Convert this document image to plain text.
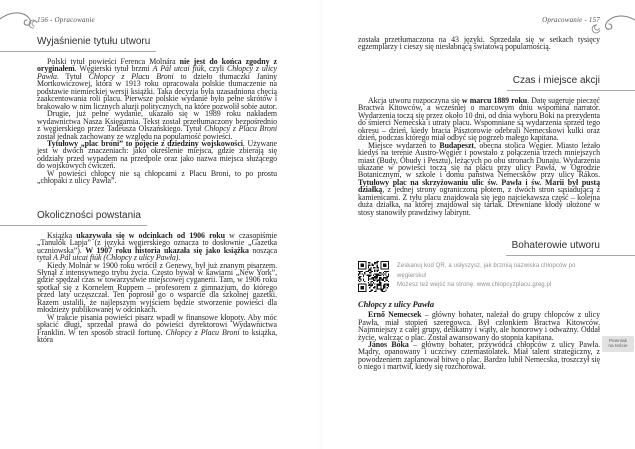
156 - Opracowanie	Opracowanie - 157
Wyjaśnienie tytułu utworu

Polski tytuł powieści Ferenca Molnára nie jest do końca zgodny z oryginałem. Węgierski tytuł brzmi A Pál utcai fiúk, czyli Chłopcy z ulicy Pawła. Tytuł Chłopcy z Placu Broni to dzieło tłumaczki Janiny Mortkowiczowej, która w 1913 roku opracowała polskie tłumaczenie na podstawie niemieckiej wersji książki. Taka decyzja była uzasadniona chęcią zaakcentowania roli placu. Pierwsze polskie wydanie było pełne skrótów i brakowało w nim licznych aluzji politycznych, na które pozwolił sobie autor.

Drugie, już pełne wydanie, ukazało się w 1989 roku nakładem wydawnictwa Nasza Księgarnia. Tekst został przetłumaczony bezpośrednio z węgierskiego przez Tadeusza Olszańskiego. Tytuł Chłopcy z Placu Broni został jednak zachowany ze względu na popularność powieści.

Tytułowy „plac broni” to pojęcie z dziedziny wojskowości. Używane jest w dwóch znaczeniach: jako określenie miejsca, gdzie zbierają się oddziały przed wypadem na przedpole oraz jako nazwa miejsca służącego do wojskowych ćwiczeń.

W powieści chłopcy nie są chłopcami z Placu Broni, to po prostu „chłopaki z ulicy Pawła”.

Okoliczności powstania

Książka ukazywała się w odcinkach od 1906 roku w czasopiśmie „Tanulók Lapja” (z języka węgierskiego oznacza to dosłownie „Gazetka uczniowska”). W 1907 roku historia ukazała się jako książka nosząca tytuł A Pál utcai fiúk (Chłopcy z ulicy Pawła).

Kiedy Molnár w 1900 roku wrócił z Genewy, był już znanym pisarzem. Słynął z intensywnego trybu życia. Często bywał w kawiarni „New York”, gdzie spędzał czas w towarzystwie miejscowej cyganerii. Tam, w 1906 roku spotkał się z Kornelem Ruppem – profesorem z gimnazjum, do którego przed laty uczęszczał. Ten poprosił go o wsparcie dla szkolnej gazetki. Razem ustalili, że najlepszym wyjściem będzie stworzenie powieści dla młodzieży publikowanej w odcinkach.

W trakcie pisania powieści pisarz wpadł w finansowe kłopoty. Aby móc spłacić długi, sprzedał prawa do powieści dyrektorowi Wydawnictwa Franklin. W ten sposób stracił fortunę. Chłopcy z Placu Broni to książka, która

została przetłumaczona na 43 języki. Sprzedała się w setkach tysięcy egzemplarzy i cieszy się niesłabnącą światową popularnością.

Czas i miejsce akcji

Akcja utworu rozpoczyna się w marcu 1889 roku. Datę sugeruje pieczęć Bractwa Kitowców, a wcześniej o marcowym dniu wspomina narrator. Wydarzenia toczą się przez około 10 dni, od dnia wyboru Boki na prezydenta do śmierci Nemecska i utraty placu. Wspomniane są wydarzenia sprzed tego okresu – dzień, kiedy bracia Pásztorowie odebrali Nemecskowi kulki oraz dzień, podczas którego miał odbyć się pogrzeb małego kapitana.

Miejsce wydarzeń to Budapeszt, obecna stolica Węgier. Miasto leżało kiedyś na terenie Austro-Węgier i powstało z połączenia trzech mniejszych miast (Budy, Óbudy i Pesztu), leżących po obu stronach Dunaju. Wydarzenia ukazane w powieści toczą się na placu przy ulicy Pawła, w Ogrodzie Botanicznym, w szkole i domu państwa Nemecsków przy ulicy Rákos. Tytułowy plac na skrzyżowaniu ulic św. Pawła i św. Marii był pustą działką, z jednej strony ograniczoną płotem, z dwóch stron sąsiadującą z kamienicami. Z tyłu placu znajdowała się jego najciekawsza część – kolejna duża działka, na której znajdował się tartak. Drewniane kłody ułożone w stosy stanowiły prawdziwy labirynt.

Bohaterowie utworu
Zeskanuj kod QR, a usłyszysz, jak brzmią nazwiska chłopców po węgiersku!
Możesz też wejść na stronę: www.chlopcyzplacu.greg.pl
Chłopcy z ulicy Pawła

Ernő Nemecsek – główny bohater, należał do grupy chłopców z ulicy Pawła, miał stopień szeregowca. Był członkiem Bractwa Kitowców. Najmniejszy z całej grupy, delikatny i wątły, ale honorowy i odważny. Oddał życie, walcząc o plac. Został awansowany do stopnia kapitana.

János Boka – główny bohater, przywódca chłopców z ulicy Pawła. Mądry, opanowany i uczciwy czternastolatek. Miał talent strategiczny, z powodzeniem zaplanował bitwę o plac. Bardzo lubił Nemecska, troszczył się o niego i martwił, kiedy się rozchorował.

Pewniak
na teście
